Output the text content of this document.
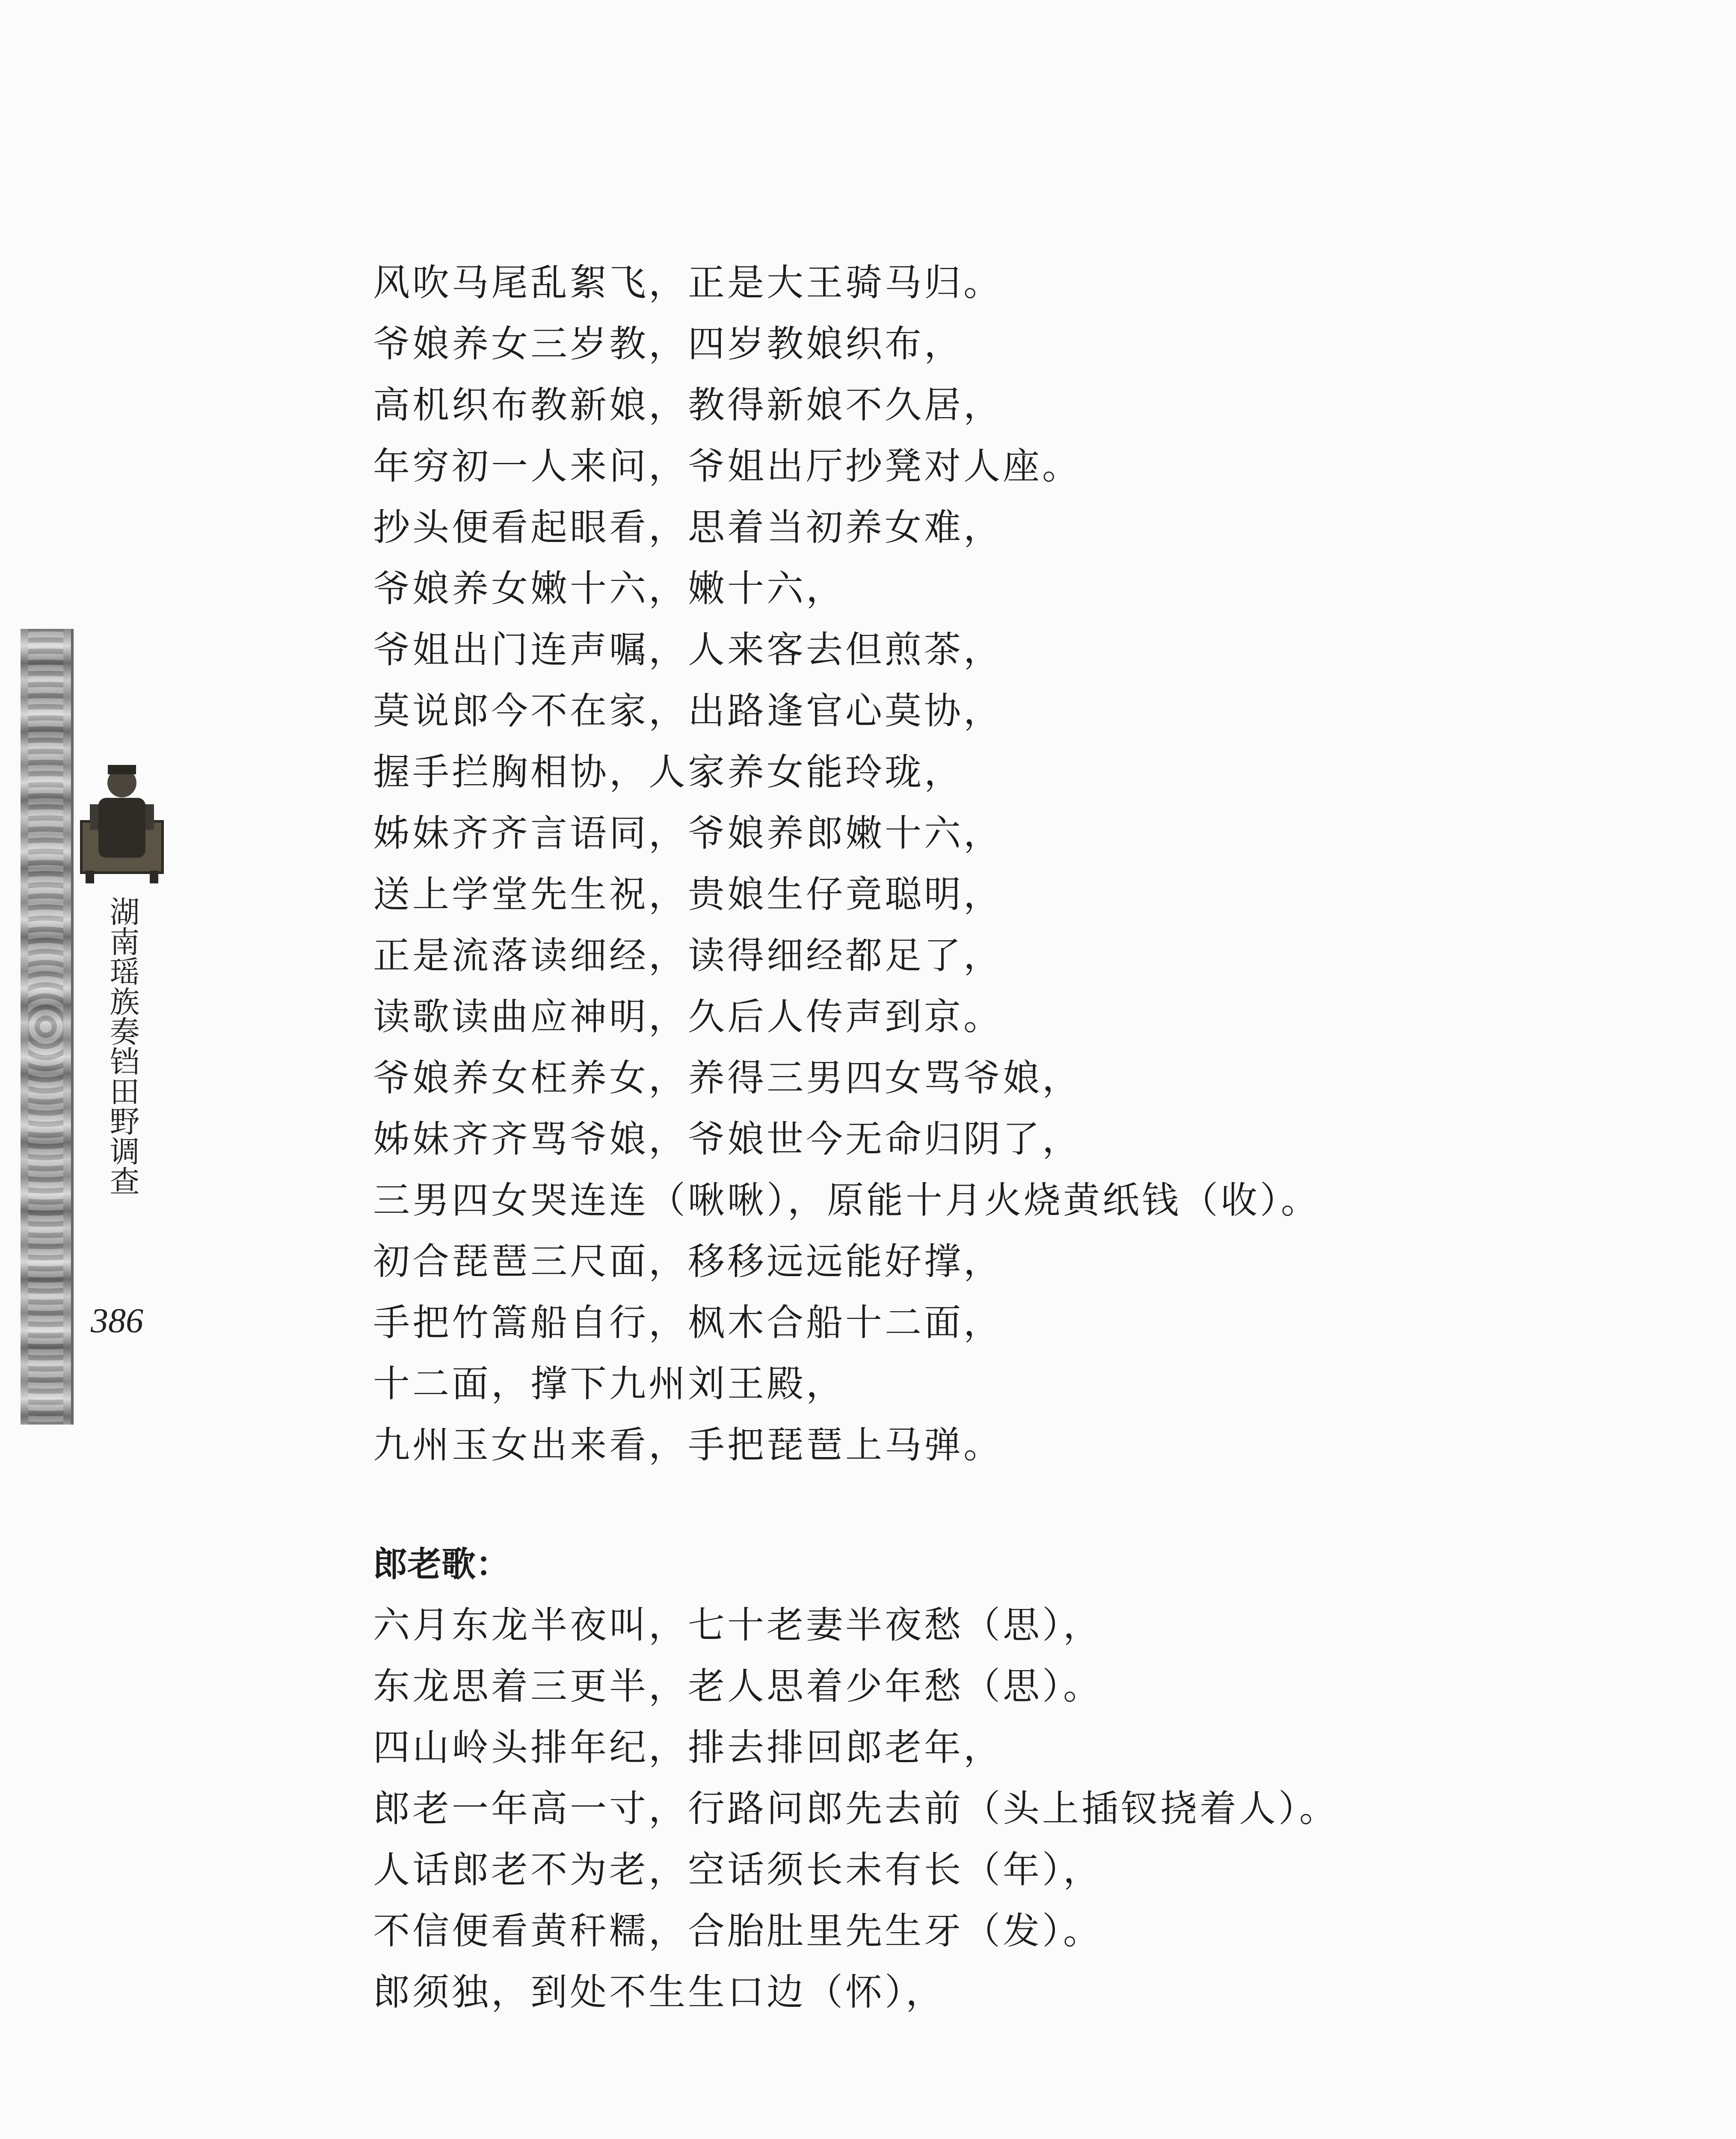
湖南瑶族奏铛田野调查
386
风吹马尾乱絮飞，正是大王骑马归。
爷娘养女三岁教，四岁教娘织布，
高机织布教新娘，教得新娘不久居，
年穷初一人来问，爷姐出厅抄凳对人座。
抄头便看起眼看，思着当初养女难，
爷娘养女嫩十六，嫩十六，
爷姐出门连声嘱，人来客去但煎茶，
莫说郎今不在家，出路逢官心莫协，
握手拦胸相协，人家养女能玲珑，
姊妹齐齐言语同，爷娘养郎嫩十六，
送上学堂先生祝，贵娘生仔竟聪明，
正是流落读细经，读得细经都足了，
读歌读曲应神明，久后人传声到京。
爷娘养女枉养女，养得三男四女骂爷娘，
姊妹齐齐骂爷娘，爷娘世今无命归阴了，
三男四女哭连连（啾啾），原能十月火烧黄纸钱（收）。
初合琵琶三尺面，移移远远能好撑，
手把竹篙船自行，枫木合船十二面，
十二面，撑下九州刘王殿，
九州玉女出来看，手把琵琶上马弹。
郎老歌：
六月东龙半夜叫，七十老妻半夜愁（思），
东龙思着三更半，老人思着少年愁（思）。
四山岭头排年纪，排去排回郎老年，
郎老一年高一寸，行路问郎先去前（头上插钗挠着人）。
人话郎老不为老，空话须长未有长（年），
不信便看黄秆糯，合胎肚里先生牙（发）。
郎须独，到处不生生口边（怀），
